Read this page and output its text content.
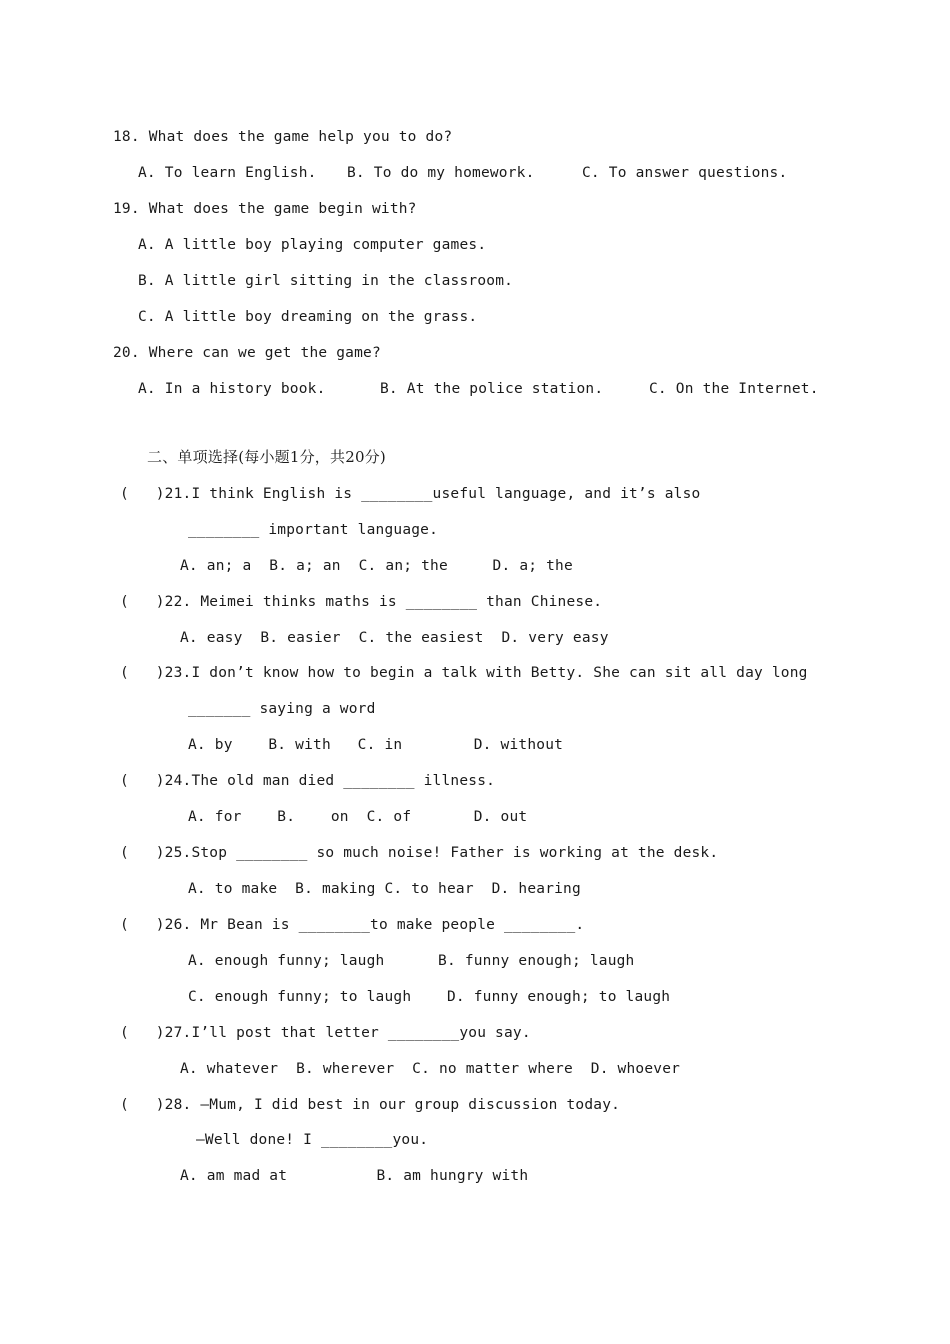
18. What does the game help you to do?
A. To learn English. B. To do my homework.	C. To answer questions.
19. What does the game begin with?
A. A little boy playing computer games.
B. A little girl sitting in the classroom.
C. A little boy dreaming on the grass.
20. Where can we get the game?
A. In a history book.	B. At the police station.	C. On the Internet.
二、单项选择(每小题1分，共20分)
(   )21.I think English is ________useful language, and it’s also
________ important language.
A. an; a  B. a; an  C. an; the     D. a; the
(   )22. Meimei thinks maths is ________ than Chinese.
A. easy  B. easier  C. the easiest  D. very easy
(   )23.I don’t know how to begin a talk with Betty. She can sit all day long
_______ saying a word
A. by    B. with   C. in        D. without
(   )24.The old man died ________ illness.
A. for    B.    on  C. of       D. out
(   )25.Stop ________ so much noise! Father is working at the desk.
A. to make  B. making C. to hear  D. hearing
(   )26. Mr Bean is ________to make people ________.
A. enough funny; laugh      B. funny enough; laugh
C. enough funny; to laugh    D. funny enough; to laugh
(   )27.I’ll post that letter ________you say.
A. whatever  B. wherever  C. no matter where  D. whoever
(   )28. —Mum, I did best in our group discussion today.
—Well done! I ________you.
A. am mad at          B. am hungry with
